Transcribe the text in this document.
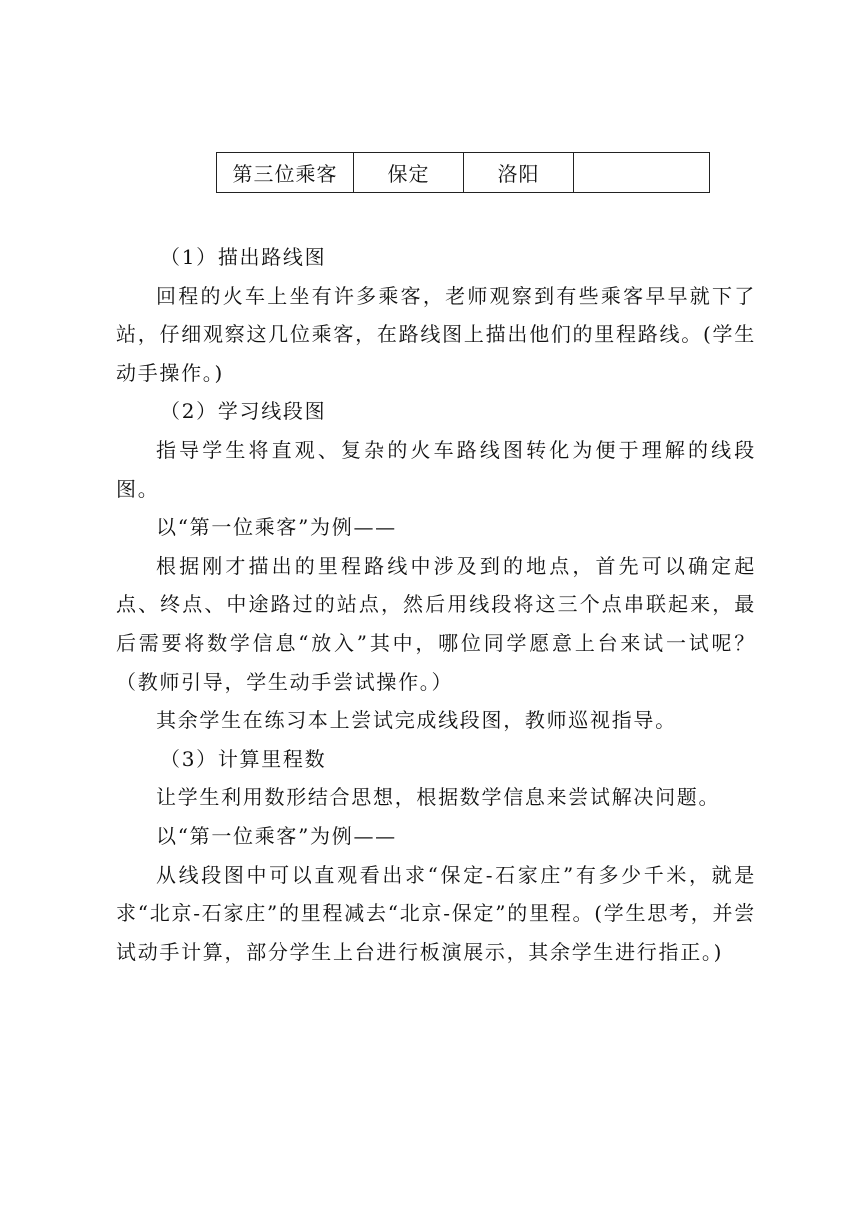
第三位乘客	保定	洛阳	

（1）描出路线图

回程的火车上坐有许多乘客，老师观察到有些乘客早早就下了站，仔细观察这几位乘客，在路线图上描出他们的里程路线。(学生动手操作。)

（2）学习线段图

指导学生将直观、复杂的火车路线图转化为便于理解的线段图。

以“第一位乘客”为例——

根据刚才描出的里程路线中涉及到的地点，首先可以确定起点、终点、中途路过的站点，然后用线段将这三个点串联起来，最后需要将数学信息“放入”其中，哪位同学愿意上台来试一试呢？（教师引导，学生动手尝试操作。）

其余学生在练习本上尝试完成线段图，教师巡视指导。

（3）计算里程数

让学生利用数形结合思想，根据数学信息来尝试解决问题。

以“第一位乘客”为例——

从线段图中可以直观看出求“保定-石家庄”有多少千米，就是求“北京-石家庄”的里程减去“北京-保定”的里程。(学生思考，并尝试动手计算，部分学生上台进行板演展示，其余学生进行指正。)
